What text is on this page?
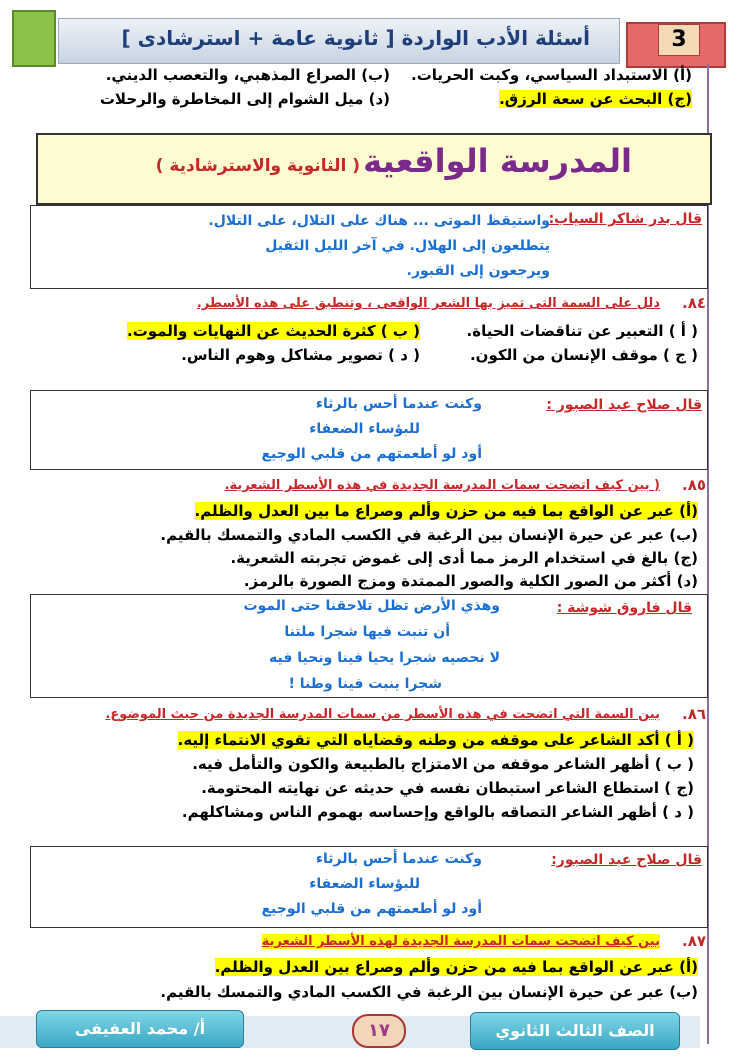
أسئلة الأدب الواردة [ ثانوية عامة + استرشادى ]	3
(أ) الاستبداد السياسي، وكبت الحريات.
(ب) الصراع المذهبي، والتعصب الديني.
(ج) البحث عن سعة الرزق.
(د) ميل الشوام إلى المخاطرة والرحلات
المدرسة الواقعية
( الثانوية والاسترشادية )
قال بدر شاكر السياب:
واستيقظ الموتى ... هناك على التلال، على التلال.
يتطلعون إلى الهلال. في آخر الليل الثقيل
ويرجعون إلى القبور.
٨٤.
دلل على السمة التى تميز بها الشعر الواقعى ، وتنطبق على هذه الأسطر.
( أ ) التعبير عن تناقضات الحياة.
( ب ) كثرة الحديث عن النهايات والموت.
( ج ) موقف الإنسان من الكون.
( د ) تصوير مشاكل وهوم الناس.
قال صلاح عبد الصبور :
وكنت عندما أحس بالرثاء
للبؤساء الضعفاء
أود لو أطعمتهم من قلبي الوجيع
٨٥.
( بين كيف اتضحت سمات المدرسة الجديدة في هذه الأسطر الشعرية.
(أ) عبر عن الواقع بما فيه من حزن وألم وصراع ما بين العدل والظلم.
(ب) عبر عن حيرة الإنسان بين الرغبة في الكسب المادي والتمسك بالقيم.
(ج) بالغ في استخدام الرمز مما أدى إلى غموض تجربته الشعرية.
(د) أكثر من الصور الكلية والصور الممتدة ومزج الصورة بالرمز.
قال فاروق شوشة :
وهذي الأرض تظل تلاحقنا حتى الموت
أن تنبت فيها شجرا ملتنا
لا نحصيه شجرا يحيا فينا ونحيا فيه
شجرا ينبت فينا وطنا !
٨٦.
بين السمة التي اتضحت في هذه الأسطر من سمات المدرسة الجديدة من حيث الموضوع.
( أ ) أكد الشاعر على موقفه من وطنه وقضاياه التي تقوي الانتماء إليه.
( ب ) أظهر الشاعر موقفه من الامتزاج بالطبيعة والكون والتأمل فيه.
(ج ) استطاع الشاعر استبطان نفسه في حديثه عن نهايته المحتومة.
( د ) أظهر الشاعر التصاقه بالواقع وإحساسه بهموم الناس ومشاكلهم.
قال صلاح عبد الصبور:
وكنت عندما أحس بالرثاء
للبؤساء الضعفاء
أود لو أطعمتهم من قلبي الوجيع
٨٧.
بين كيف اتضحت سمات المدرسة الجديدة لهذه الأسطر الشعرية
(أ) عبر عن الواقع بما فيه من حزن وألم وصراع بين العدل والظلم.
(ب) عبر عن حيرة الإنسان بين الرغبة في الكسب المادي والتمسك بالقيم.
الصف الثالث الثانوي
١٧
أ/ محمد العفيفى
